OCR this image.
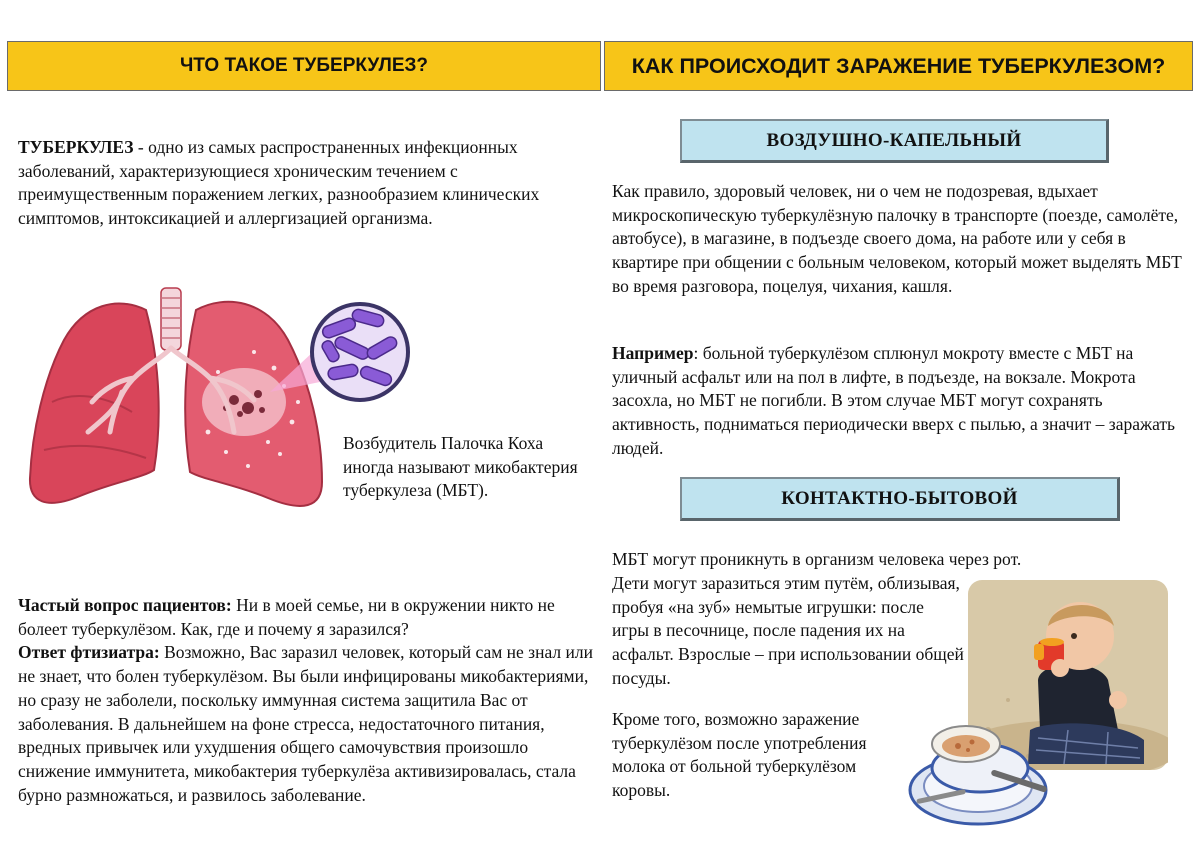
ЧТО ТАКОЕ ТУБЕРКУЛЕЗ?	КАК ПРОИСХОДИТ ЗАРАЖЕНИЕ ТУБЕРКУЛЕЗОМ?

ТУБЕРКУЛЕЗ - одно из самых распространенных инфекционных заболеваний, характеризующиеся хроническим течением с преимущественным поражением легких, разнообразием клинических симптомов, интоксикацией и аллергизацией организма.

Возбудитель Палочка Коха иногда называют микобактерия туберкулеза (МБТ).

Частый вопрос пациентов: Ни в моей семье, ни в окружении никто не болеет туберкулёзом. Как, где и почему я заразился?
Ответ фтизиатра: Возможно, Вас заразил человек, который сам не знал или не знает, что болен туберкулёзом. Вы были инфицированы микобактериями, но сразу не заболели, поскольку иммунная система защитила Вас от заболевания. В дальнейшем на фоне стресса, недостаточного питания, вредных привычек или ухудшения общего самочувствия произошло снижение иммунитета, микобактерия туберкулёза активизировалась, стала бурно размножаться, и развилось заболевание.

ВОЗДУШНО-КАПЕЛЬНЫЙ

Как правило, здоровый человек, ни о чем не подозревая, вдыхает микроскопическую туберкулёзную палочку в транспорте (поезде, самолёте, автобусе), в магазине, в подъезде своего дома, на работе или у себя в квартире при общении с больным человеком, который может выделять МБТ во время разговора, поцелуя, чихания, кашля.

Например: больной туберкулёзом сплюнул мокроту вместе с МБТ на уличный асфальт или на пол в лифте, в подъезде, на вокзале. Мокрота засохла, но МБТ не погибли. В этом случае МБТ могут сохранять активность, подниматься периодически вверх с пылью, а значит – заражать людей.

КОНТАКТНО-БЫТОВОЙ

МБТ могут проникнуть в организм человека через рот.

Дети могут заразиться этим путём, облизывая, пробуя «на зуб» немытые игрушки: после игры в песочнице, после падения их на асфальт. Взрослые – при использовании общей посуды.

Кроме того, возможно заражение туберкулёзом после употребления молока от больной туберкулёзом коровы.
